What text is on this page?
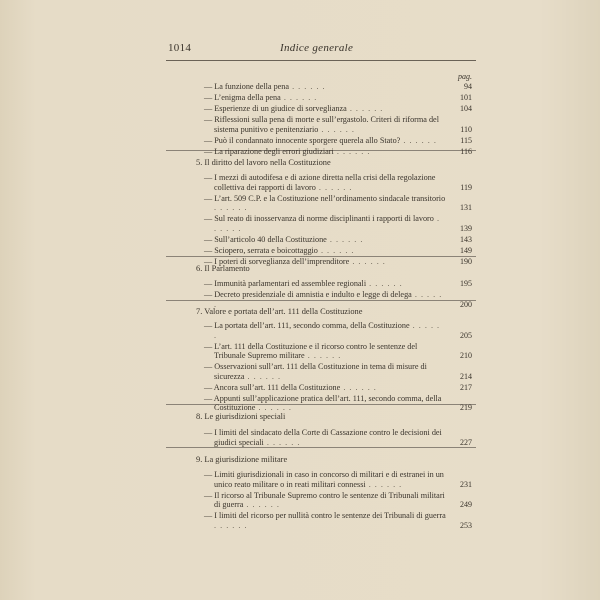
1014	Indice generale
pag.
— La funzione della pena . . . . . .	94
— L’enigma della pena . . . . . .	101
— Esperienze di un giudice di sorveglianza . . . . . .	104
— Riflessioni sulla pena di morte e sull’ergastolo. Criteri di riforma del sistema punitivo e penitenziario . . . . . .	110
— Può il condannato innocente sporgere querela allo Stato? . . . . . .	115
— La riparazione degli errori giudiziari . . . . . .	116
5. Il diritto del lavoro nella Costituzione
— I mezzi di autodifesa e di azione diretta nella crisi della regolazione collettiva dei rapporti di lavoro . . . . . .	119
— L’art. 509 C.P. e la Costituzione nell’ordinamento sindacale transitorio . . . . . .	131
— Sul reato di inosservanza di norme disciplinanti i rapporti di lavoro . . . . . .	139
— Sull’articolo 40 della Costituzione . . . . . .	143
— Sciopero, serrata e boicottaggio . . . . . .	149
— I poteri di sorveglianza dell’imprenditore . . . . . .	190
6. Il Parlamento
— Immunità parlamentari ed assemblee regionali . . . . . .	195
— Decreto presidenziale di amnistia e indulto e legge di delega . . . . . .	200
7. Valore e portata dell’art. 111 della Costituzione
— La portata dell’art. 111, secondo comma, della Costituzione . . . . . .	205
— L’art. 111 della Costituzione e il ricorso contro le sentenze del Tribunale Supremo militare . . . . . .	210
— Osservazioni sull’art. 111 della Costituzione in tema di misure di sicurezza . . . . . .	214
— Ancora sull’art. 111 della Costituzione . . . . . .	217
— Appunti sull’applicazione pratica dell’art. 111, secondo comma, della Costituzione . . . . . .	219
8. Le giurisdizioni speciali
— I limiti del sindacato della Corte di Cassazione contro le decisioni dei giudici speciali . . . . . .	227
9. La giurisdizione militare
— Limiti giurisdizionali in caso in concorso di militari e di estranei in un unico reato militare o in reati militari connessi . . . . . .	231
— Il ricorso al Tribunale Supremo contro le sentenze di Tribunali militari di guerra . . . . . .	249
— I limiti del ricorso per nullità contro le sentenze dei Tribunali di guerra . . . . . .	253
